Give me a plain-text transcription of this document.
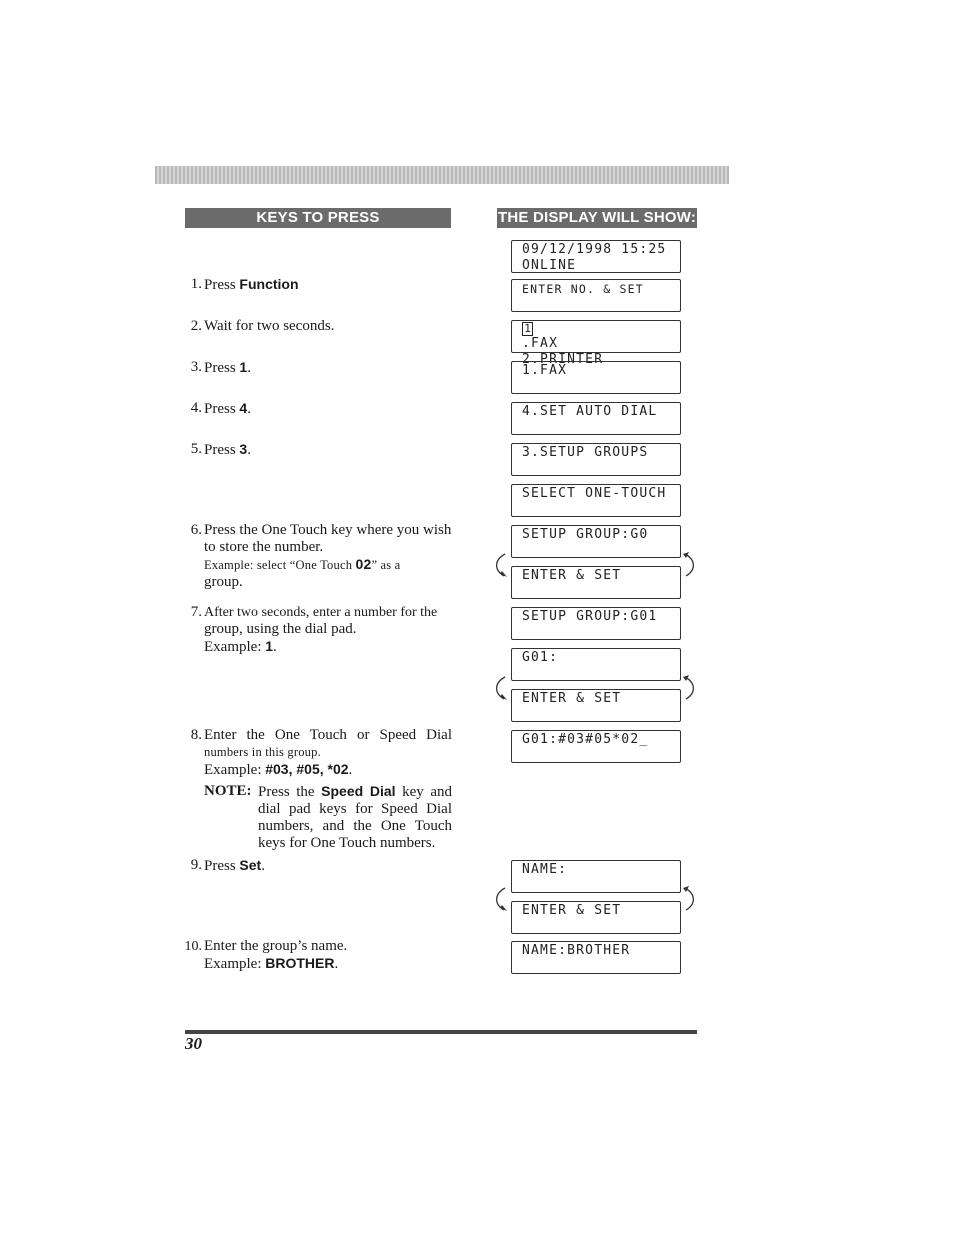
KEYS TO PRESS	THE DISPLAY WILL SHOW:
1. Press Function
2. Wait for two seconds.
3. Press 1.
4. Press 4.
5. Press 3.
6. Press the One Touch key where you wish
to store the number.
Example: select “One Touch 02” as a
group.
7. After two seconds, enter a number for the
group, using the dial pad.
Example: 1.
8. Enter the One Touch or Speed Dial
numbers in this group.
Example: #03, #05, *02.
NOTE: Press the Speed Dial key and dial pad keys for Speed Dial numbers, and the One Touch keys for One Touch numbers.
9. Press Set.
10. Enter the group’s name.
Example: BROTHER.
09/12/1998 15:25
ONLINE
ENTER NO. & SET
1
.FAX
2.PRINTER
1.FAX
4.SET AUTO DIAL
3.SETUP GROUPS
SELECT ONE-TOUCH
SETUP GROUP:G0
ENTER & SET
SETUP GROUP:G01
G01:
ENTER & SET
G01:#03#05*02_
NAME:
ENTER & SET
NAME:BROTHER
30
